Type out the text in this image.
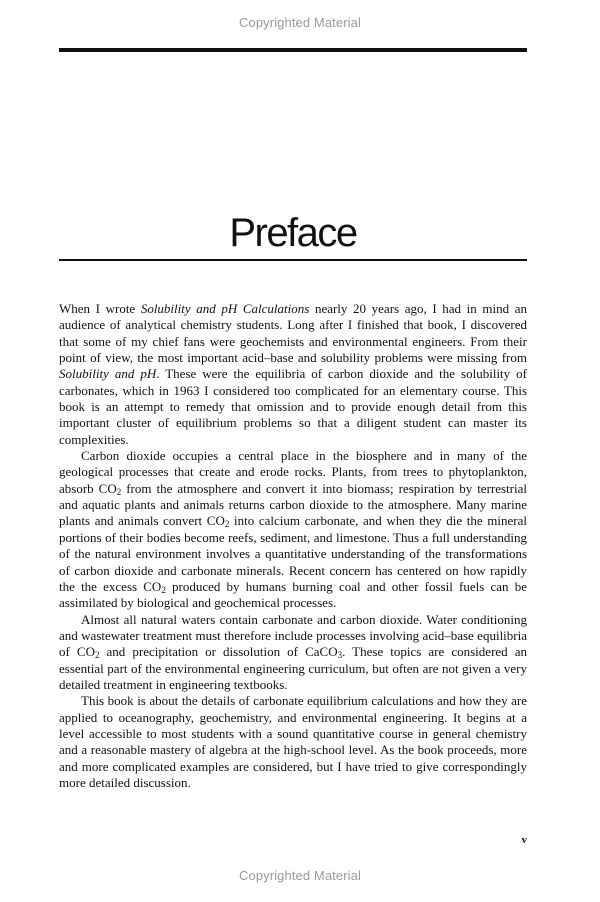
Copyrighted Material
Preface

When I wrote Solubility and pH Calculations nearly 20 years ago, I had in mind an audience of analytical chemistry students. Long after I finished that book, I discovered that some of my chief fans were geochemists and environmental engineers. From their point of view, the most important acid–base and solubility problems were missing from Solubility and pH. These were the equilibria of carbon dioxide and the solubility of carbonates, which in 1963 I considered too complicated for an elementary course. This book is an attempt to remedy that omission and to provide enough detail from this important cluster of equilibrium problems so that a diligent student can master its complexities.

Carbon dioxide occupies a central place in the biosphere and in many of the geological processes that create and erode rocks. Plants, from trees to phytoplankton, absorb $CO_2$ from the atmosphere and convert it into biomass; respiration by terrestrial and aquatic plants and animals returns carbon dioxide to the atmosphere. Many marine plants and animals convert $CO_2$ into calcium carbonate, and when they die the mineral portions of their bodies become reefs, sediment, and limestone. Thus a full understanding of the natural environment involves a quantitative understanding of the transformations of carbon dioxide and carbonate minerals. Recent concern has centered on how rapidly the the excess $CO_2$ produced by humans burning coal and other fossil fuels can be assimilated by biological and geochemical processes.

Almost all natural waters contain carbonate and carbon dioxide. Water conditioning and wastewater treatment must therefore include processes involving acid–base equilibria of $CO_2$ and precipitation or dissolution of CaCO$_3$. These topics are considered an essential part of the environmental engineering curriculum, but often are not given a very detailed treatment in engineering textbooks.

This book is about the details of carbonate equilibrium calculations and how they are applied to oceanography, geochemistry, and environmental engineering. It begins at a level accessible to most students with a sound quantitative course in general chemistry and a reasonable mastery of algebra at the high-school level. As the book proceeds, more and more complicated examples are considered, but I have tried to give correspondingly more detailed discussion.

v
Copyrighted Material
